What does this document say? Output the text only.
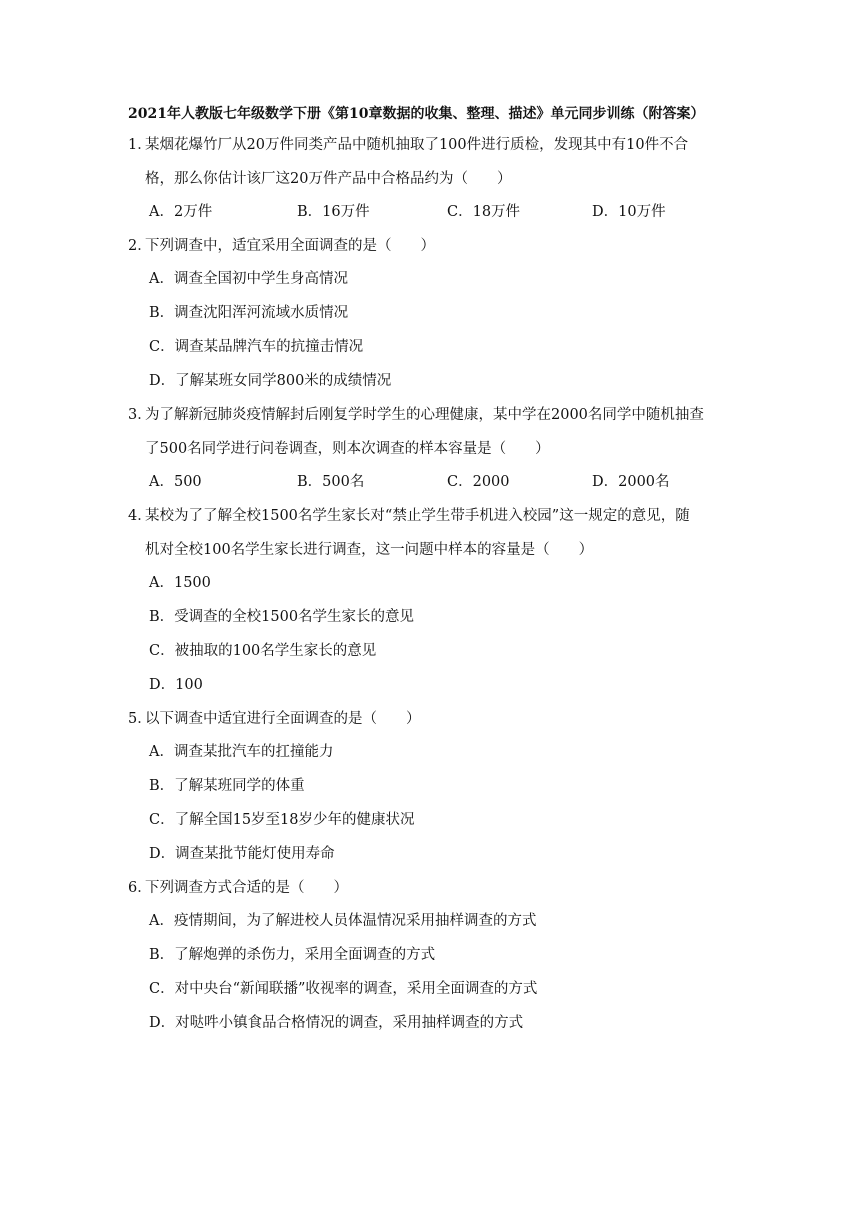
2021年人教版七年级数学下册《第10章数据的收集、整理、描述》单元同步训练（附答案）
1．某烟花爆竹厂从20万件同类产品中随机抽取了100件进行质检，发现其中有10件不合
格，那么你估计该厂这20万件产品中合格品约为（　　）
A．2万件	B．16万件	C．18万件	D．10万件
2．下列调查中，适宜采用全面调查的是（　　）
A．调查全国初中学生身高情况
B．调查沈阳浑河流域水质情况
C．调查某品牌汽车的抗撞击情况
D．了解某班女同学800米的成绩情况
3．为了解新冠肺炎疫情解封后刚复学时学生的心理健康，某中学在2000名同学中随机抽查
了500名同学进行问卷调查，则本次调查的样本容量是（　　）
A．500	B．500名	C．2000	D．2000名
4．某校为了了解全校1500名学生家长对“禁止学生带手机进入校园”这一规定的意见，随
机对全校100名学生家长进行调查，这一问题中样本的容量是（　　）
A．1500
B．受调查的全校1500名学生家长的意见
C．被抽取的100名学生家长的意见
D．100
5．以下调查中适宜进行全面调查的是（　　）
A．调查某批汽车的扛撞能力
B．了解某班同学的体重
C．了解全国15岁至18岁少年的健康状况
D．调查某批节能灯使用寿命
6．下列调查方式合适的是（　　）
A．疫情期间，为了解进校人员体温情况采用抽样调查的方式
B．了解炮弹的杀伤力，采用全面调查的方式
C．对中央台“新闻联播”收视率的调查，采用全面调查的方式
D．对哒吽小镇食品合格情况的调查，采用抽样调查的方式
